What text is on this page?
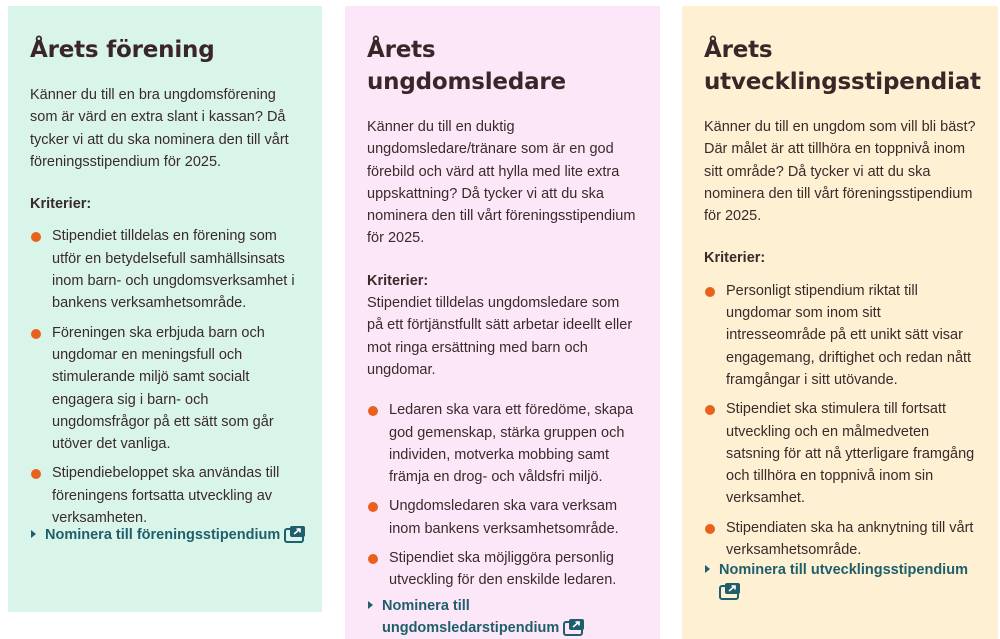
Årets förening

Känner du till en bra ungdomsförening som är värd en extra slant i kassan? Då tycker vi att du ska nominera den till vårt föreningsstipendium för 2025.

Kriterier:

Stipendiet tilldelas en förening som utför en betydelsefull samhällsinsats inom barn- och ungdomsverksamhet i bankens verksamhetsområde.
Föreningen ska erbjuda barn och ungdomar en meningsfull och stimulerande miljö samt socialt engagera sig i barn- och ungdomsfrågor på ett sätt som går utöver det vanliga.
Stipendiebeloppet ska användas till föreningens fortsatta utveckling av verksamheten.
Nominera till föreningsstipendium
Årets ungdomsledare

Känner du till en duktig ungdomsledare/tränare som är en god förebild och värd att hylla med lite extra uppskattning? Då tycker vi att du ska nominera den till vårt föreningsstipendium för 2025.

Kriterier:

Stipendiet tilldelas ungdomsledare som på ett förtjänstfullt sätt arbetar ideellt eller mot ringa ersättning med barn och ungdomar.

Ledaren ska vara ett föredöme, skapa god gemenskap, stärka gruppen och individen, motverka mobbing samt främja en drog- och våldsfri miljö.
Ungdomsledaren ska vara verksam inom bankens verksamhetsområde.
Stipendiet ska möjliggöra personlig utveckling för den enskilde ledaren.
Nominera till ungdomsledarstipendium
Årets utvecklingsstipendiat

Känner du till en ungdom som vill bli bäst? Där målet är att tillhöra en toppnivå inom sitt område? Då tycker vi att du ska nominera den till vårt föreningsstipendium för 2025.

Kriterier:

Personligt stipendium riktat till ungdomar som inom sitt intresseområde på ett unikt sätt visar engagemang, driftighet och redan nått framgångar i sitt utövande.
Stipendiet ska stimulera till fortsatt utveckling och en målmedveten satsning för att nå ytterligare framgång och tillhöra en toppnivå inom sin verksamhet.
Stipendiaten ska ha anknytning till vårt verksamhetsområde.
Nominera till utvecklingsstipendium
